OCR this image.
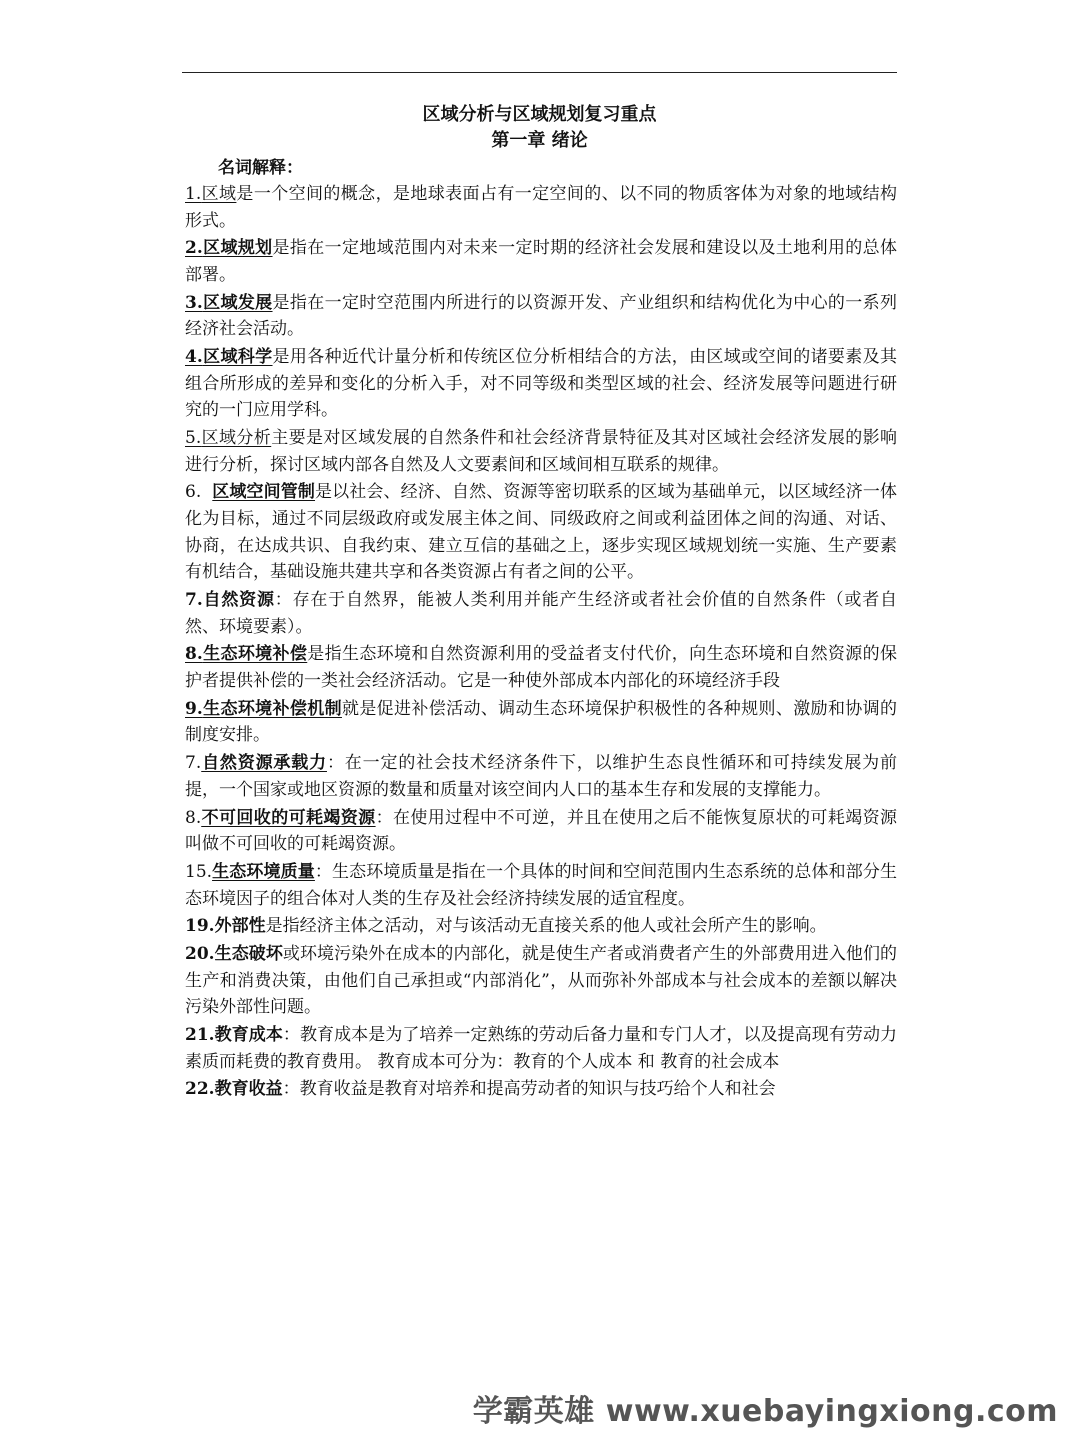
区域分析与区域规划复习重点
第一章 绪论
名词解释：

1.区域是一个空间的概念，是地球表面占有一定空间的、以不同的物质客体为对象的地域结构形式。

2.区域规划是指在一定地域范围内对未来一定时期的经济社会发展和建设以及土地利用的总体部署。

3.区域发展是指在一定时空范围内所进行的以资源开发、产业组织和结构优化为中心的一系列经济社会活动。

4.区域科学是用各种近代计量分析和传统区位分析相结合的方法，由区域或空间的诸要素及其组合所形成的差异和变化的分析入手，对不同等级和类型区域的社会、经济发展等问题进行研究的一门应用学科。

5.区域分析主要是对区域发展的自然条件和社会经济背景特征及其对区域社会经济发展的影响进行分析，探讨区域内部各自然及人文要素间和区域间相互联系的规律。

6. 区域空间管制是以社会、经济、自然、资源等密切联系的区域为基础单元，以区域经济一体化为目标，通过不同层级政府或发展主体之间、同级政府之间或利益团体之间的沟通、对话、协商，在达成共识、自我约束、建立互信的基础之上，逐步实现区域规划统一实施、生产要素有机结合，基础设施共建共享和各类资源占有者之间的公平。

7.自然资源：存在于自然界，能被人类利用并能产生经济或者社会价值的自然条件（或者自然、环境要素）。

8.生态环境补偿是指生态环境和自然资源利用的受益者支付代价，向生态环境和自然资源的保护者提供补偿的一类社会经济活动。它是一种使外部成本内部化的环境经济手段

9.生态环境补偿机制就是促进补偿活动、调动生态环境保护积极性的各种规则、激励和协调的制度安排。

7.自然资源承载力：在一定的社会技术经济条件下，以维护生态良性循环和可持续发展为前提，一个国家或地区资源的数量和质量对该空间内人口的基本生存和发展的支撑能力。

8.不可回收的可耗竭资源：在使用过程中不可逆，并且在使用之后不能恢复原状的可耗竭资源叫做不可回收的可耗竭资源。

15.生态环境质量：生态环境质量是指在一个具体的时间和空间范围内生态系统的总体和部分生态环境因子的组合体对人类的生存及社会经济持续发展的适宜程度。

19.外部性是指经济主体之活动，对与该活动无直接关系的他人或社会所产生的影响。

20.生态破坏或环境污染外在成本的内部化，就是使生产者或消费者产生的外部费用进入他们的生产和消费决策，由他们自己承担或“内部消化”，从而弥补外部成本与社会成本的差额以解决污染外部性问题。

21.教育成本：教育成本是为了培养一定熟练的劳动后备力量和专门人才，以及提高现有劳动力素质而耗费的教育费用。 教育成本可分为：教育的个人成本 和 教育的社会成本

22.教育收益：教育收益是教育对培养和提高劳动者的知识与技巧给个人和社会

学霸英雄 www.xuebayingxiong.com
